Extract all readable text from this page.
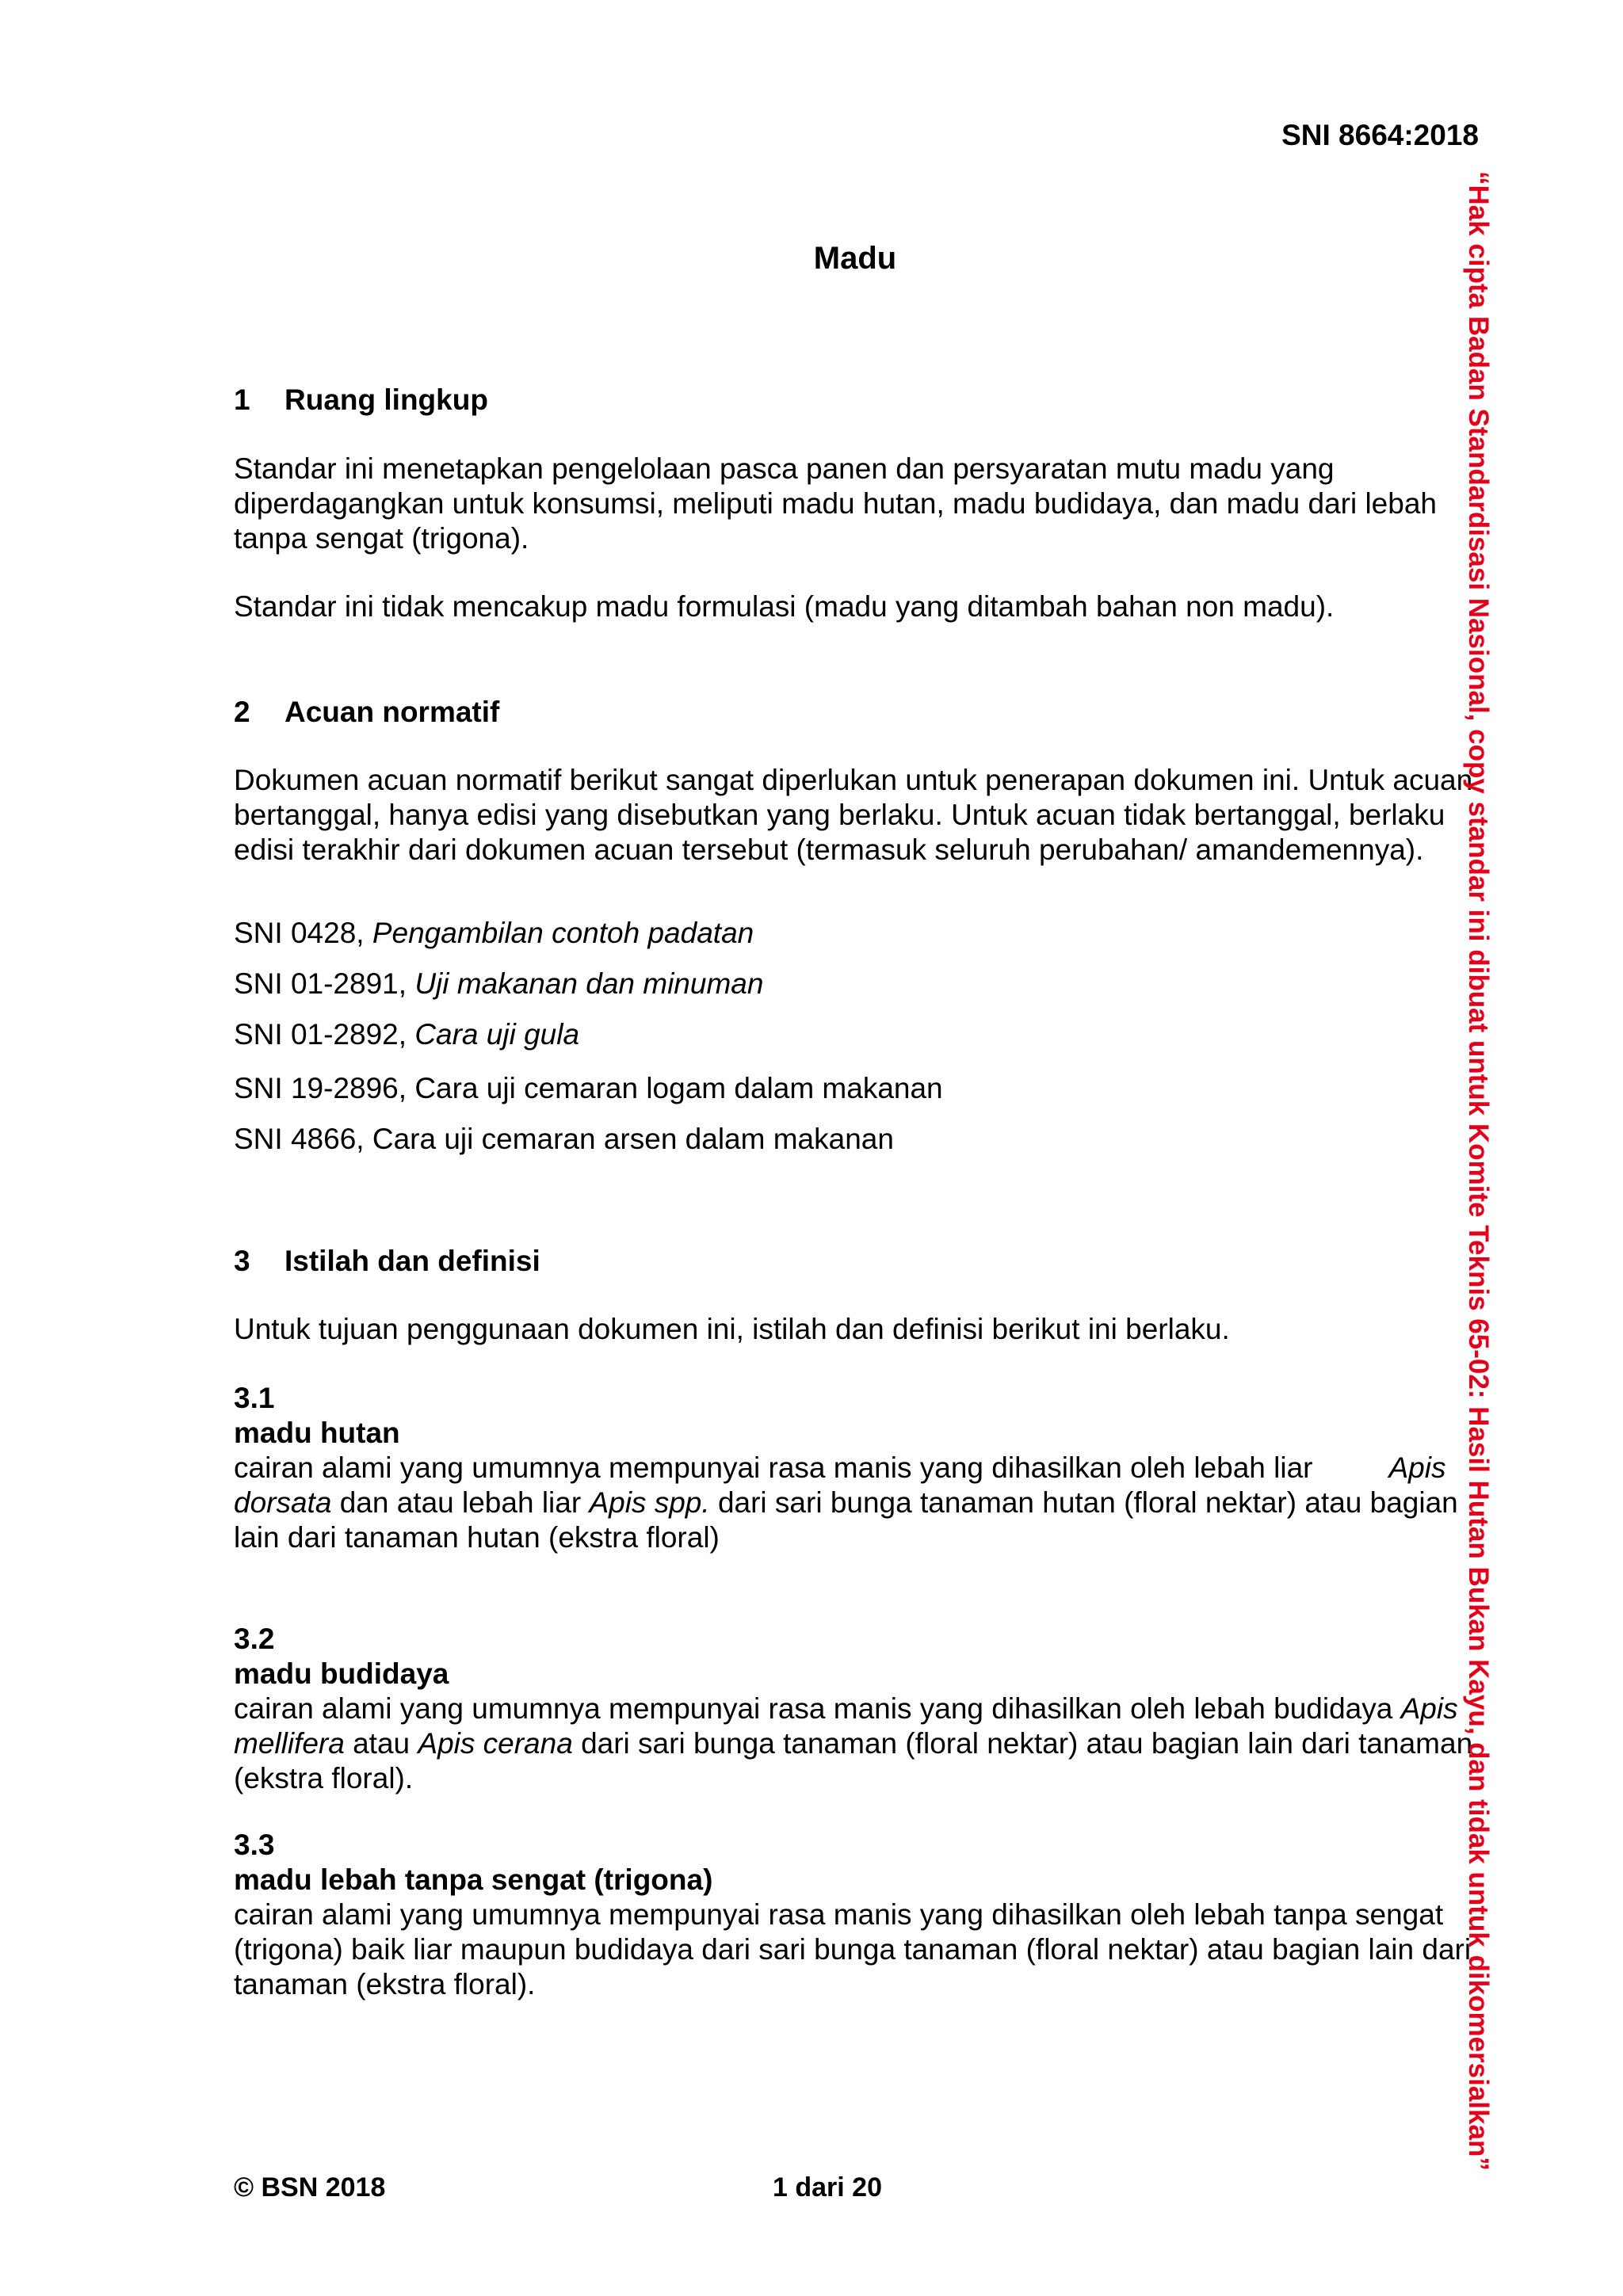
SNI 8664:2018
Madu
1 Ruang lingkup

Standar ini menetapkan pengelolaan pasca panen dan persyaratan mutu madu yang diperdagangkan untuk konsumsi, meliputi madu hutan, madu budidaya, dan madu dari lebah tanpa sengat (trigona).

Standar ini tidak mencakup madu formulasi (madu yang ditambah bahan non madu).

2 Acuan normatif

Dokumen acuan normatif berikut sangat diperlukan untuk penerapan dokumen ini. Untuk acuan bertanggal, hanya edisi yang disebutkan yang berlaku. Untuk acuan tidak bertanggal, berlaku edisi terakhir dari dokumen acuan tersebut (termasuk seluruh perubahan/ amandemennya).

SNI 0428, Pengambilan contoh padatan
SNI 01-2891, Uji makanan dan minuman
SNI 01-2892, Cara uji gula
SNI 19-2896, Cara uji cemaran logam dalam makanan
SNI 4866, Cara uji cemaran arsen dalam makanan
3 Istilah dan definisi

Untuk tujuan penggunaan dokumen ini, istilah dan definisi berikut ini berlaku.

3.1
madu hutan
cairan alami yang umumnya mempunyai rasa manis yang dihasilkan oleh lebah liar	Apis dorsata dan atau lebah liar Apis spp. dari sari bunga tanaman hutan (floral nektar) atau bagian lain dari tanaman hutan (ekstra floral)
3.2
madu budidaya
cairan alami yang umumnya mempunyai rasa manis yang dihasilkan oleh lebah budidaya Apis mellifera atau Apis cerana dari sari bunga tanaman (floral nektar) atau bagian lain dari tanaman (ekstra floral).
3.3
madu lebah tanpa sengat (trigona)
cairan alami yang umumnya mempunyai rasa manis yang dihasilkan oleh lebah tanpa sengat (trigona) baik liar maupun budidaya dari sari bunga tanaman (floral nektar) atau bagian lain dari tanaman (ekstra floral).	“Hak cipta Badan Standardisasi Nasional, copy standar ini dibuat untuk Komite Teknis 65-02: Hasil Hutan Bukan Kayu, dan tidak untuk dikomersialkan”
© BSN 2018	1 dari 20
